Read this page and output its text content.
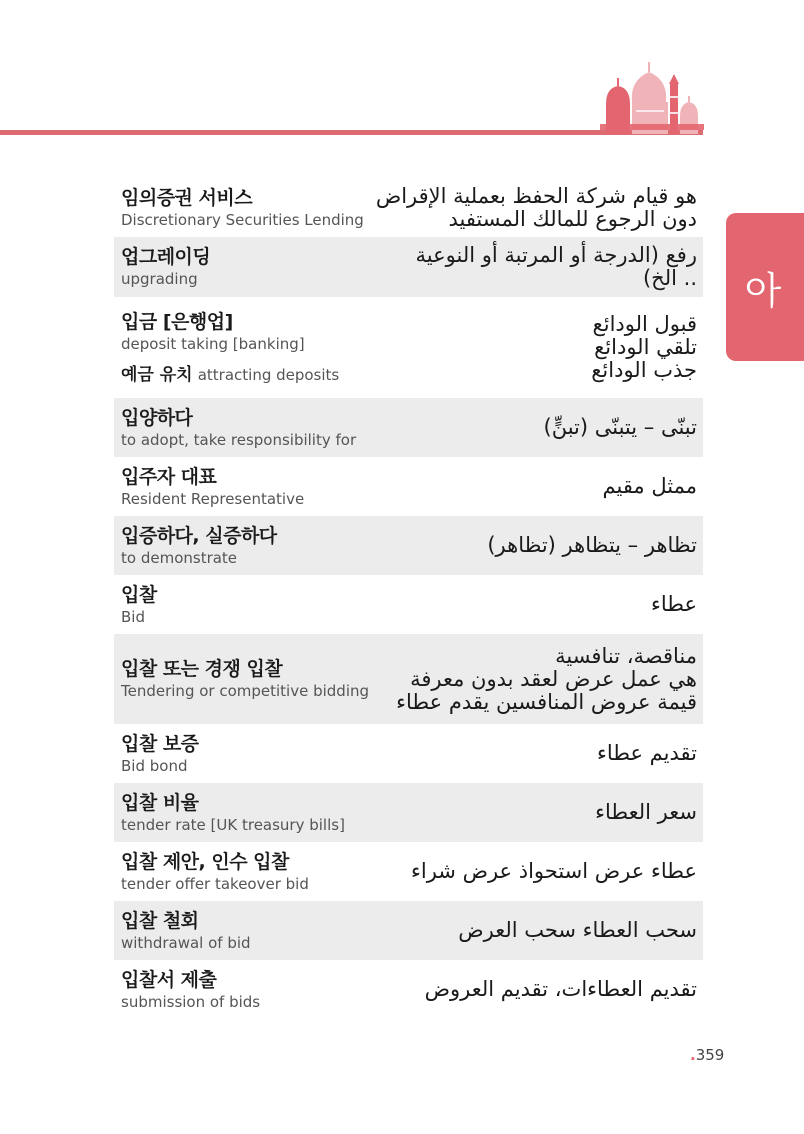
아
임의증권 서비스
Discretionary Securities Lending
هو قيام شركة الحفظ بعملية الإقراض
دون الرجوع للمالك المستفيد
업그레이딩
upgrading
رفع (الدرجة أو المرتبة أو النوعية
.. الخ)
입금 [은행업]
deposit taking [banking]
예금 유치 attracting deposits
قبول الودائع
تلقي الودائع
جذب الودائع
입양하다
to adopt, take responsibility for
تبنّى – يتبنّى (تبنٍّ)
입주자 대표
Resident Representative
ممثل مقيم
입증하다, 실증하다
to demonstrate
تظاهر – يتظاهر (تظاهر)
입찰
Bid
عطاء
입찰 또는 경쟁 입찰
Tendering or competitive bidding
مناقصة، تنافسية
هي عمل عرض لعقد بدون معرفة
قيمة عروض المنافسين يقدم عطاء
입찰 보증
Bid bond
تقديم عطاء
입찰 비율
tender rate [UK treasury bills]
سعر العطاء
입찰 제안, 인수 입찰
tender offer takeover bid
عطاء عرض استحواذ عرض شراء
입찰 철회
withdrawal of bid
سحب العطاء سحب العرض
입찰서 제출
submission of bids
تقديم العطاءات، تقديم العروض
.359
